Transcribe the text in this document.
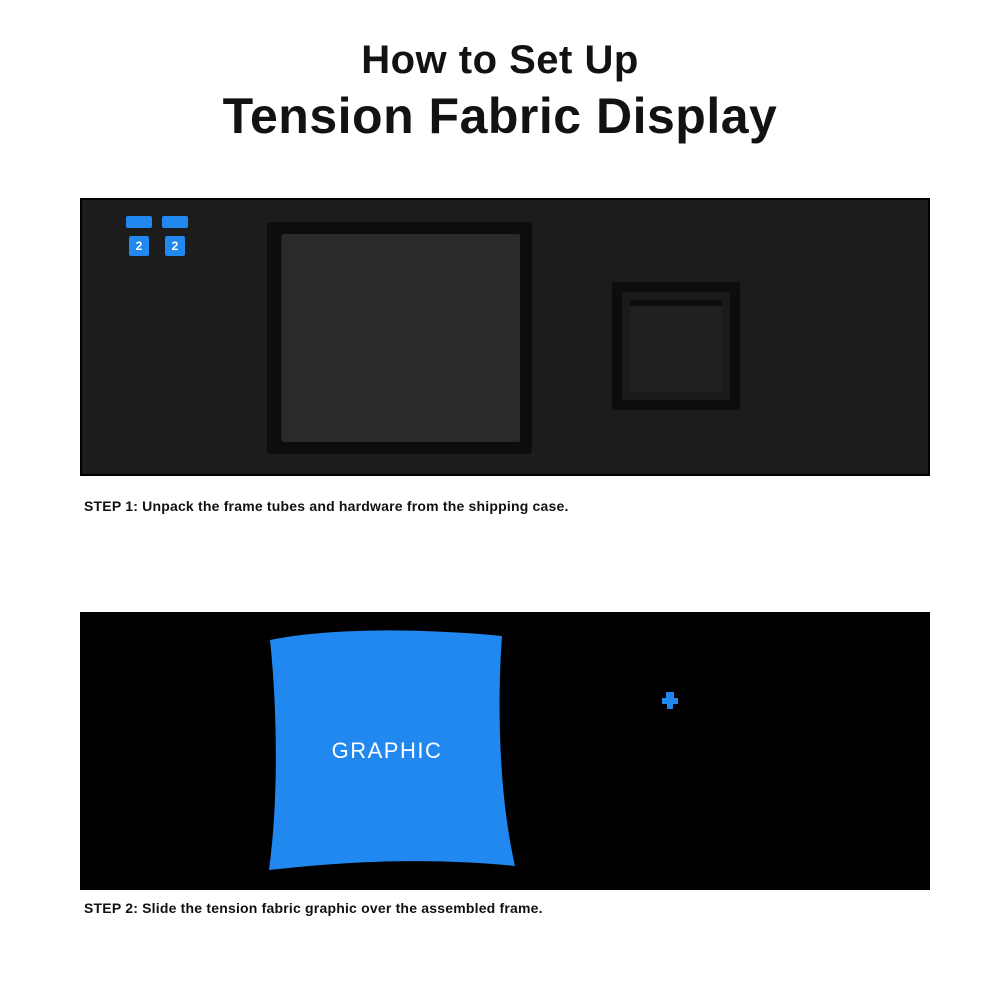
How to Set Up
Tension Fabric Display
2	2
STEP 1: Unpack the frame tubes and hardware from the shipping case.
GRAPHIC
STEP 2: Slide the tension fabric graphic over the assembled frame.
